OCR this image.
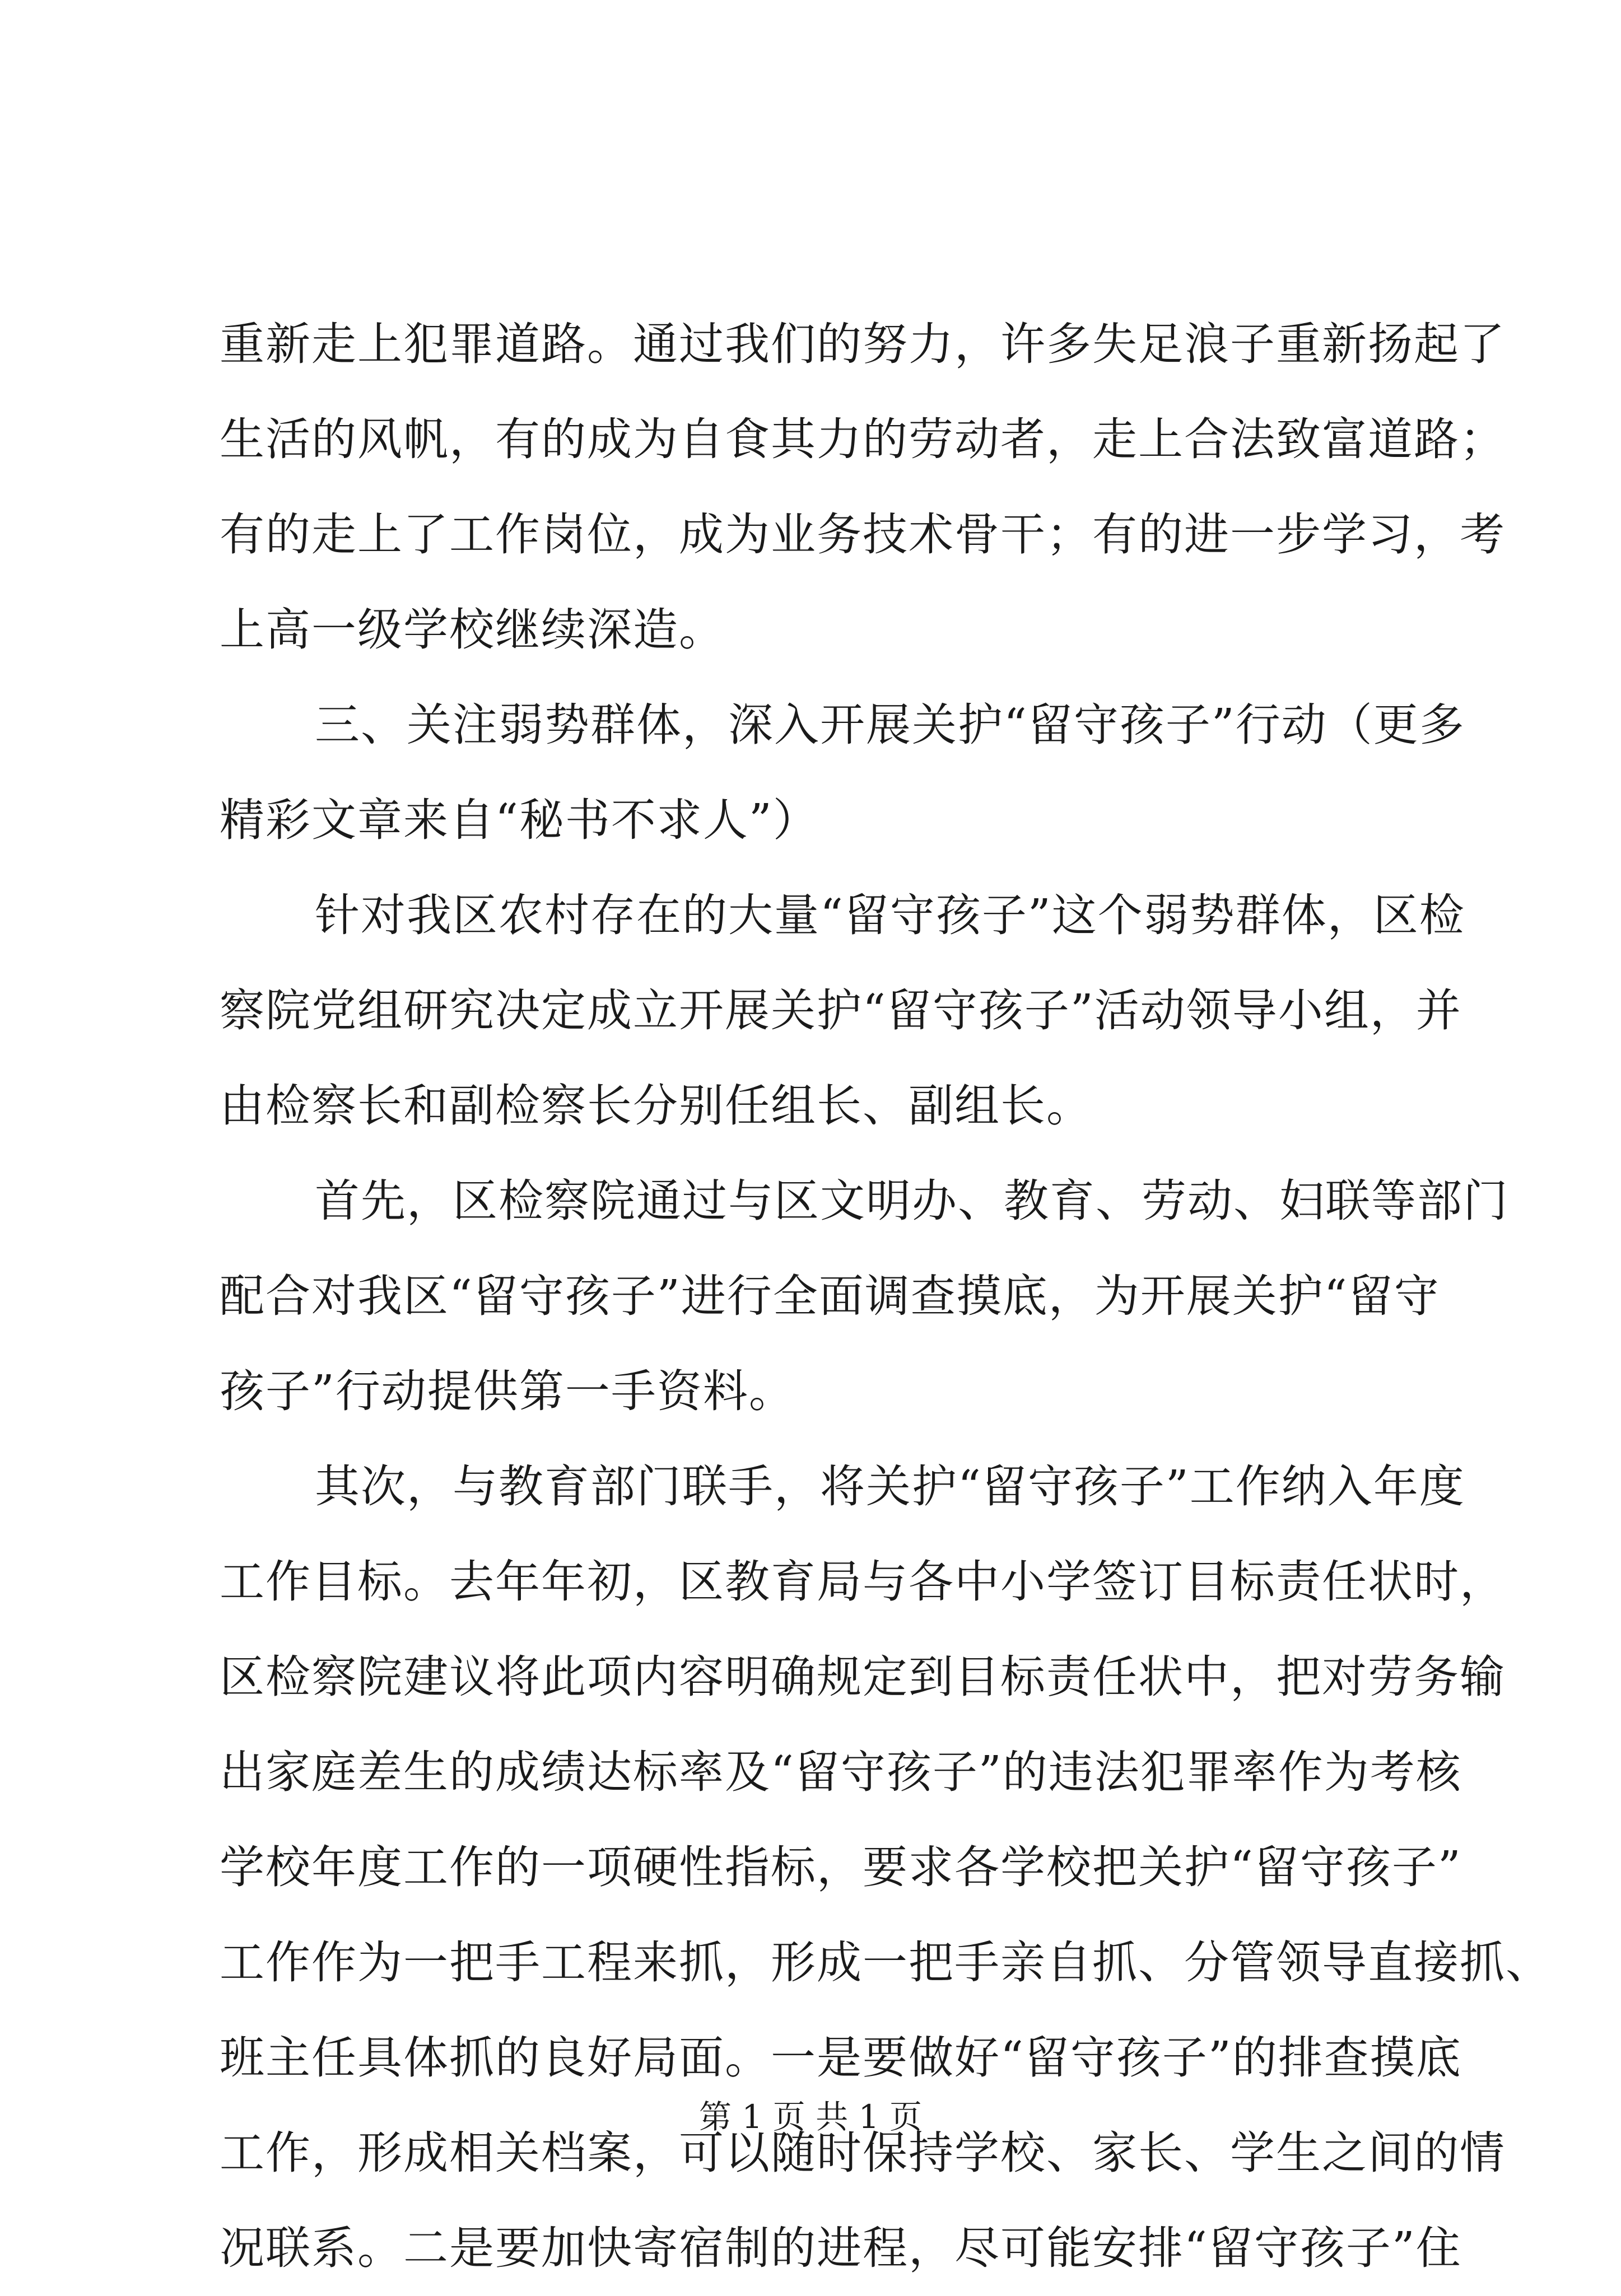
重新走上犯罪道路。通过我们的努力，许多失足浪子重新扬起了
生活的风帆，有的成为自食其力的劳动者，走上合法致富道路；
有的走上了工作岗位，成为业务技术骨干；有的进一步学习，考
上高一级学校继续深造。
三、关注弱势群体，深入开展关护“留守孩子”行动（更多
精彩文章来自“秘书不求人”）
针对我区农村存在的大量“留守孩子”这个弱势群体，区检
察院党组研究决定成立开展关护“留守孩子”活动领导小组，并
由检察长和副检察长分别任组长、副组长。
首先，区检察院通过与区文明办、教育、劳动、妇联等部门
配合对我区“留守孩子”进行全面调查摸底，为开展关护“留守
孩子”行动提供第一手资料。
其次，与教育部门联手，将关护“留守孩子”工作纳入年度
工作目标。去年年初，区教育局与各中小学签订目标责任状时，
区检察院建议将此项内容明确规定到目标责任状中，把对劳务输
出家庭差生的成绩达标率及“留守孩子”的违法犯罪率作为考核
学校年度工作的一项硬性指标，要求各学校把关护“留守孩子”
工作作为一把手工程来抓，形成一把手亲自抓、分管领导直接抓、
班主任具体抓的良好局面。一是要做好“留守孩子”的排查摸底
工作，形成相关档案，可以随时保持学校、家长、学生之间的情
况联系。二是要加快寄宿制的进程，尽可能安排“留守孩子”住
第 1 页 共 1 页
